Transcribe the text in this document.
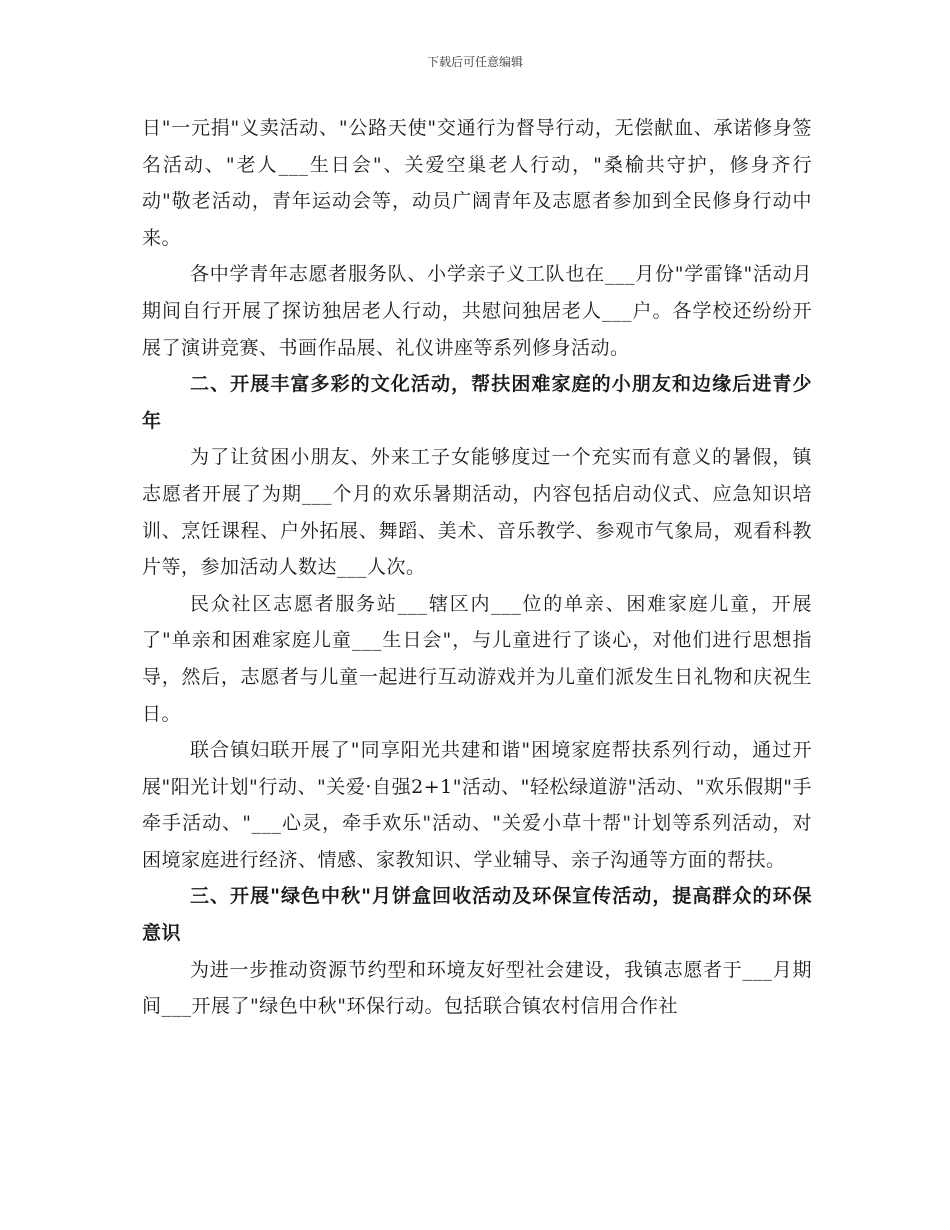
下载后可任意编辑

日"一元捐"义卖活动、"公路天使"交通行为督导行动，无偿献血、承诺修身签名活动、"老人___生日会"、关爱空巢老人行动，"桑榆共守护，修身齐行动"敬老活动，青年运动会等，动员广阔青年及志愿者参加到全民修身行动中来。

各中学青年志愿者服务队、小学亲子义工队也在___月份"学雷锋"活动月期间自行开展了探访独居老人行动，共慰问独居老人___户。各学校还纷纷开展了演讲竞赛、书画作品展、礼仪讲座等系列修身活动。

二、开展丰富多彩的文化活动，帮扶困难家庭的小朋友和边缘后进青少年

为了让贫困小朋友、外来工子女能够度过一个充实而有意义的暑假，镇志愿者开展了为期___个月的欢乐暑期活动，内容包括启动仪式、应急知识培训、烹饪课程、户外拓展、舞蹈、美术、音乐教学、参观市气象局，观看科教片等，参加活动人数达___人次。

民众社区志愿者服务站___辖区内___位的单亲、困难家庭儿童，开展了"单亲和困难家庭儿童___生日会"，与儿童进行了谈心，对他们进行思想指导，然后，志愿者与儿童一起进行互动游戏并为儿童们派发生日礼物和庆祝生日。

联合镇妇联开展了"同享阳光共建和谐"困境家庭帮扶系列行动，通过开展"阳光计划"行动、"关爱·自强2+1"活动、"轻松绿道游"活动、"欢乐假期"手牵手活动、"___心灵，牵手欢乐"活动、"关爱小草十帮"计划等系列活动，对困境家庭进行经济、情感、家教知识、学业辅导、亲子沟通等方面的帮扶。

三、开展"绿色中秋"月饼盒回收活动及环保宣传活动，提高群众的环保意识

为进一步推动资源节约型和环境友好型社会建设，我镇志愿者于___月期间___开展了"绿色中秋"环保行动。包括联合镇农村信用合作社
